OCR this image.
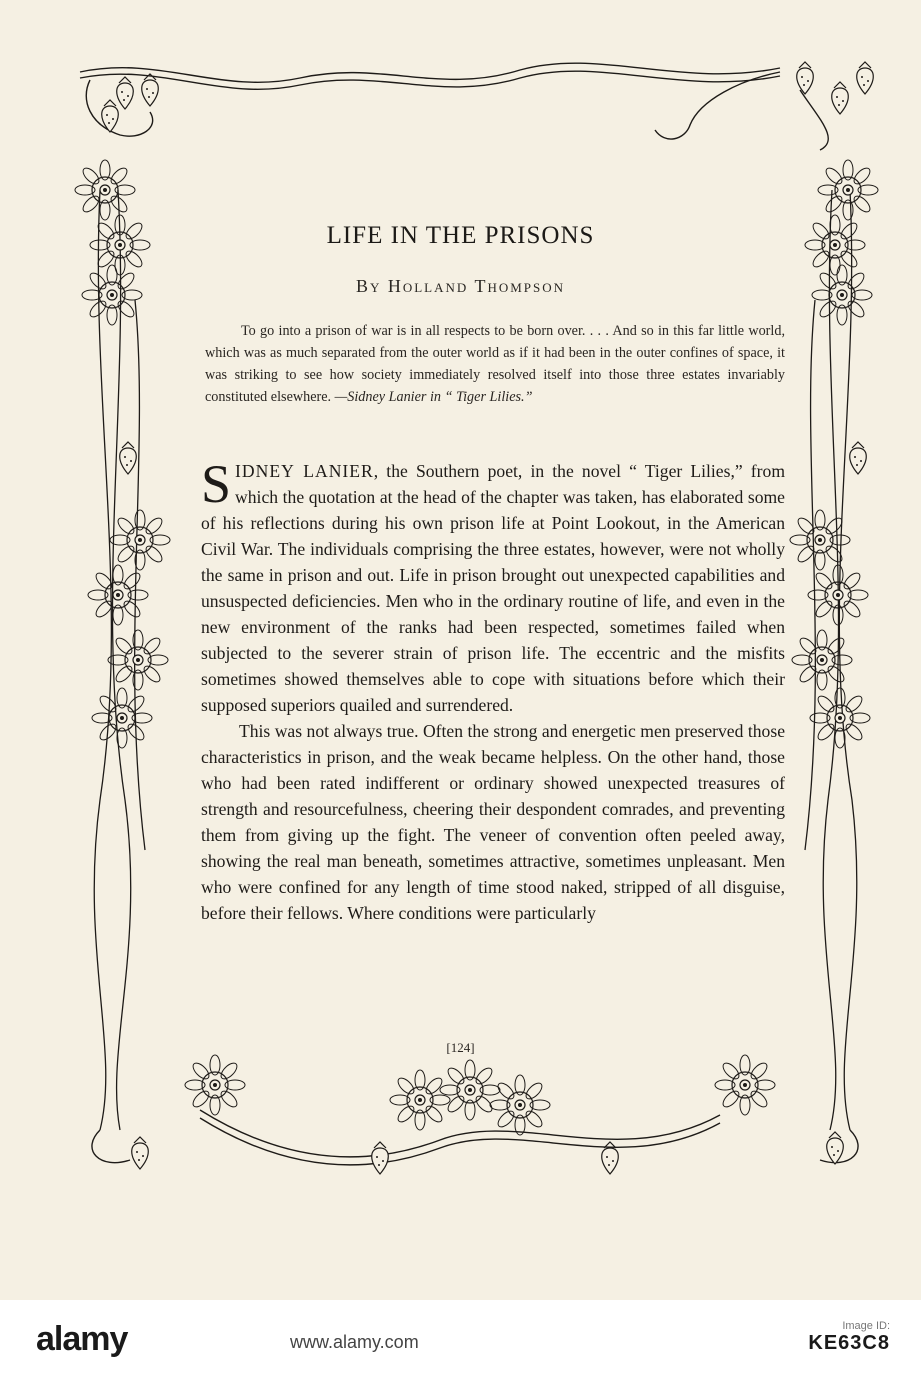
LIFE IN THE PRISONS
By Holland Thompson

To go into a prison of war is in all respects to be born over. . . . And so in this far little world, which was as much separated from the outer world as if it had been in the outer confines of space, it was striking to see how society immediately resolved itself into those three estates invariably constituted elsewhere. —Sidney Lanier in “ Tiger Lilies.”

SIDNEY LANIER, the Southern poet, in the novel “ Tiger Lilies,” from which the quotation at the head of the chapter was taken, has elaborated some of his reflections during his own prison life at Point Lookout, in the American Civil War. The individuals comprising the three estates, however, were not wholly the same in prison and out. Life in prison brought out unexpected capabilities and unsuspected deficiencies. Men who in the ordinary routine of life, and even in the new environment of the ranks had been respected, sometimes failed when subjected to the severer strain of prison life. The eccentric and the misfits sometimes showed themselves able to cope with situations before which their supposed superiors quailed and surrendered.

This was not always true. Often the strong and energetic men preserved those characteristics in prison, and the weak became helpless. On the other hand, those who had been rated indifferent or ordinary showed unexpected treasures of strength and resourcefulness, cheering their despondent comrades, and preventing them from giving up the fight. The veneer of convention often peeled away, showing the real man beneath, sometimes attractive, sometimes unpleasant. Men who were confined for any length of time stood naked, stripped of all disguise, before their fellows. Where conditions were particularly

[124]
alamy	www.alamy.com
Image ID:
KE63C8
